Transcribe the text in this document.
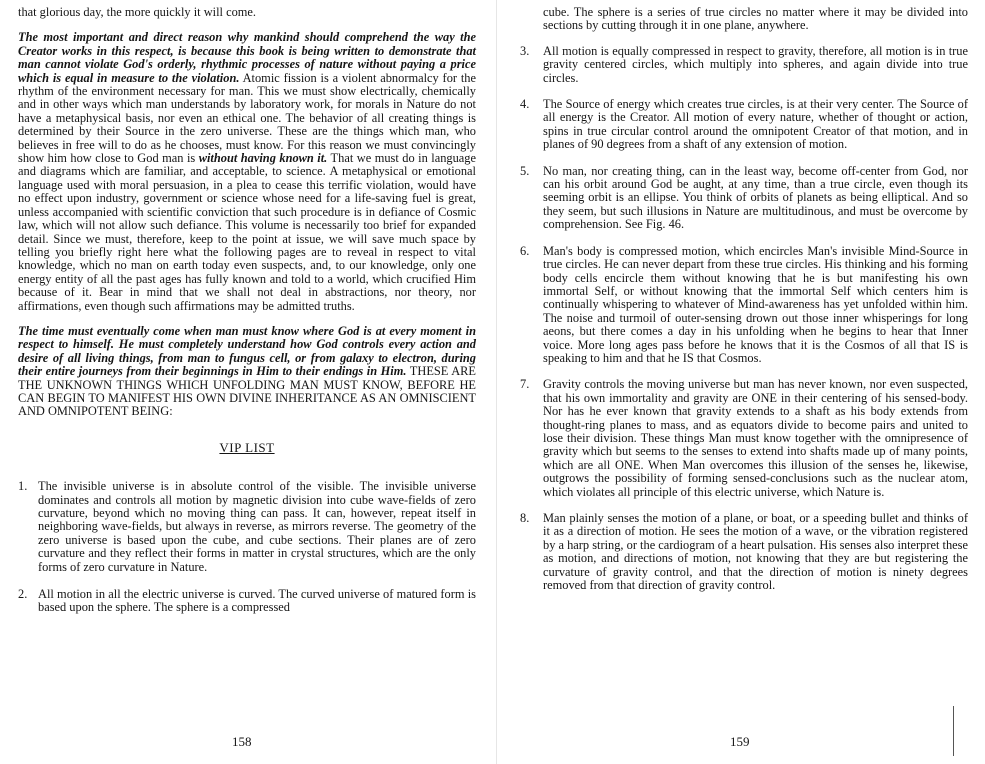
that glorious day, the more quickly it will come.

The most important and direct reason why mankind should comprehend the way the Creator works in this respect, is because this book is being written to demonstrate that man cannot violate God's orderly, rhythmic processes of nature without paying a price which is equal in measure to the violation. Atomic fission is a violent abnormalcy for the rhythm of the environment necessary for man. This we must show electrically, chemically and in other ways which man understands by laboratory work, for morals in Nature do not have a metaphysical basis, nor even an ethical one. The behavior of all creating things is determined by their Source in the zero universe. These are the things which man, who believes in free will to do as he chooses, must know. For this reason we must convincingly show him how close to God man is without having known it. That we must do in language and diagrams which are familiar, and acceptable, to science. A metaphysical or emotional language used with moral persuasion, in a plea to cease this terrific violation, would have no effect upon industry, government or science whose need for a life-saving fuel is great, unless accompanied with scientific conviction that such procedure is in defiance of Cosmic law, which will not allow such defiance. This volume is necessarily too brief for expanded detail. Since we must, therefore, keep to the point at issue, we will save much space by telling you briefly right here what the following pages are to reveal in respect to vital knowledge, which no man on earth today even suspects, and, to our knowledge, only one energy entity of all the past ages has fully known and told to a world, which crucified Him because of it. Bear in mind that we shall not deal in abstractions, nor theory, nor affirmations, even though such affirmations may be admitted truths.

The time must eventually come when man must know where God is at every moment in respect to himself. He must completely understand how God controls every action and desire of all living things, from man to fungus cell, or from galaxy to electron, during their entire journeys from their beginnings in Him to their endings in Him. THESE ARE THE UNKNOWN THINGS WHICH UNFOLDING MAN MUST KNOW, BEFORE HE CAN BEGIN TO MANIFEST HIS OWN DIVINE INHERITANCE AS AN OMNISCIENT AND OMNIPOTENT BEING:

VIP LIST
1. The invisible universe is in absolute control of the visible. The invisible universe dominates and controls all motion by magnetic division into cube wave-fields of zero curvature, beyond which no moving thing can pass. It can, however, repeat itself in neighboring wave-fields, but always in reverse, as mirrors reverse. The geometry of the zero universe is based upon the cube, and cube sections. Their planes are of zero curvature and they reflect their forms in matter in crystal structures, which are the only forms of zero curvature in Nature.
2. All motion in all the electric universe is curved. The curved universe of matured form is based upon the sphere. The sphere is a compressed
158

cube. The sphere is a series of true circles no matter where it may be divided into sections by cutting through it in one plane, anywhere.

3. All motion is equally compressed in respect to gravity, therefore, all motion is in true gravity centered circles, which multiply into spheres, and again divide into true circles.
4. The Source of energy which creates true circles, is at their very center. The Source of all energy is the Creator. All motion of every nature, whether of thought or action, spins in true circular control around the omnipotent Creator of that motion, and in planes of 90 degrees from a shaft of any extension of motion.
5. No man, nor creating thing, can in the least way, become off-center from God, nor can his orbit around God be aught, at any time, than a true circle, even though its seeming orbit is an ellipse. You think of orbits of planets as being elliptical. And so they seem, but such illusions in Nature are multitudinous, and must be overcome by comprehension. See Fig. 46.
6. Man's body is compressed motion, which encircles Man's invisible Mind-Source in true circles. He can never depart from these true circles. His thinking and his forming body cells encircle them without knowing that he is but manifesting his own immortal Self, or without knowing that the immortal Self which centers him is continually whispering to whatever of Mind-awareness has yet unfolded within him. The noise and turmoil of outer-sensing drown out those inner whisperings for long aeons, but there comes a day in his unfolding when he begins to hear that Inner voice. More long ages pass before he knows that it is the Cosmos of all that IS is speaking to him and that he IS that Cosmos.
7. Gravity controls the moving universe but man has never known, nor even suspected, that his own immortality and gravity are ONE in their centering of his sensed-body. Nor has he ever known that gravity extends to a shaft as his body extends from thought-ring planes to mass, and as equators divide to become pairs and united to lose their division. These things Man must know together with the omnipresence of gravity which but seems to the senses to extend into shafts made up of many points, which are all ONE. When Man overcomes this illusion of the senses he, likewise, outgrows the possibility of forming sensed-conclusions such as the nuclear atom, which violates all principle of this electric universe, which Nature is.
8. Man plainly senses the motion of a plane, or boat, or a speeding bullet and thinks of it as a direction of motion. He sees the motion of a wave, or the vibration registered by a harp string, or the cardiogram of a heart pulsation. His senses also interpret these as motion, and directions of motion, not knowing that they are but registering the curvature of gravity control, and that the direction of motion is ninety degrees removed from that direction of gravity control.
159
